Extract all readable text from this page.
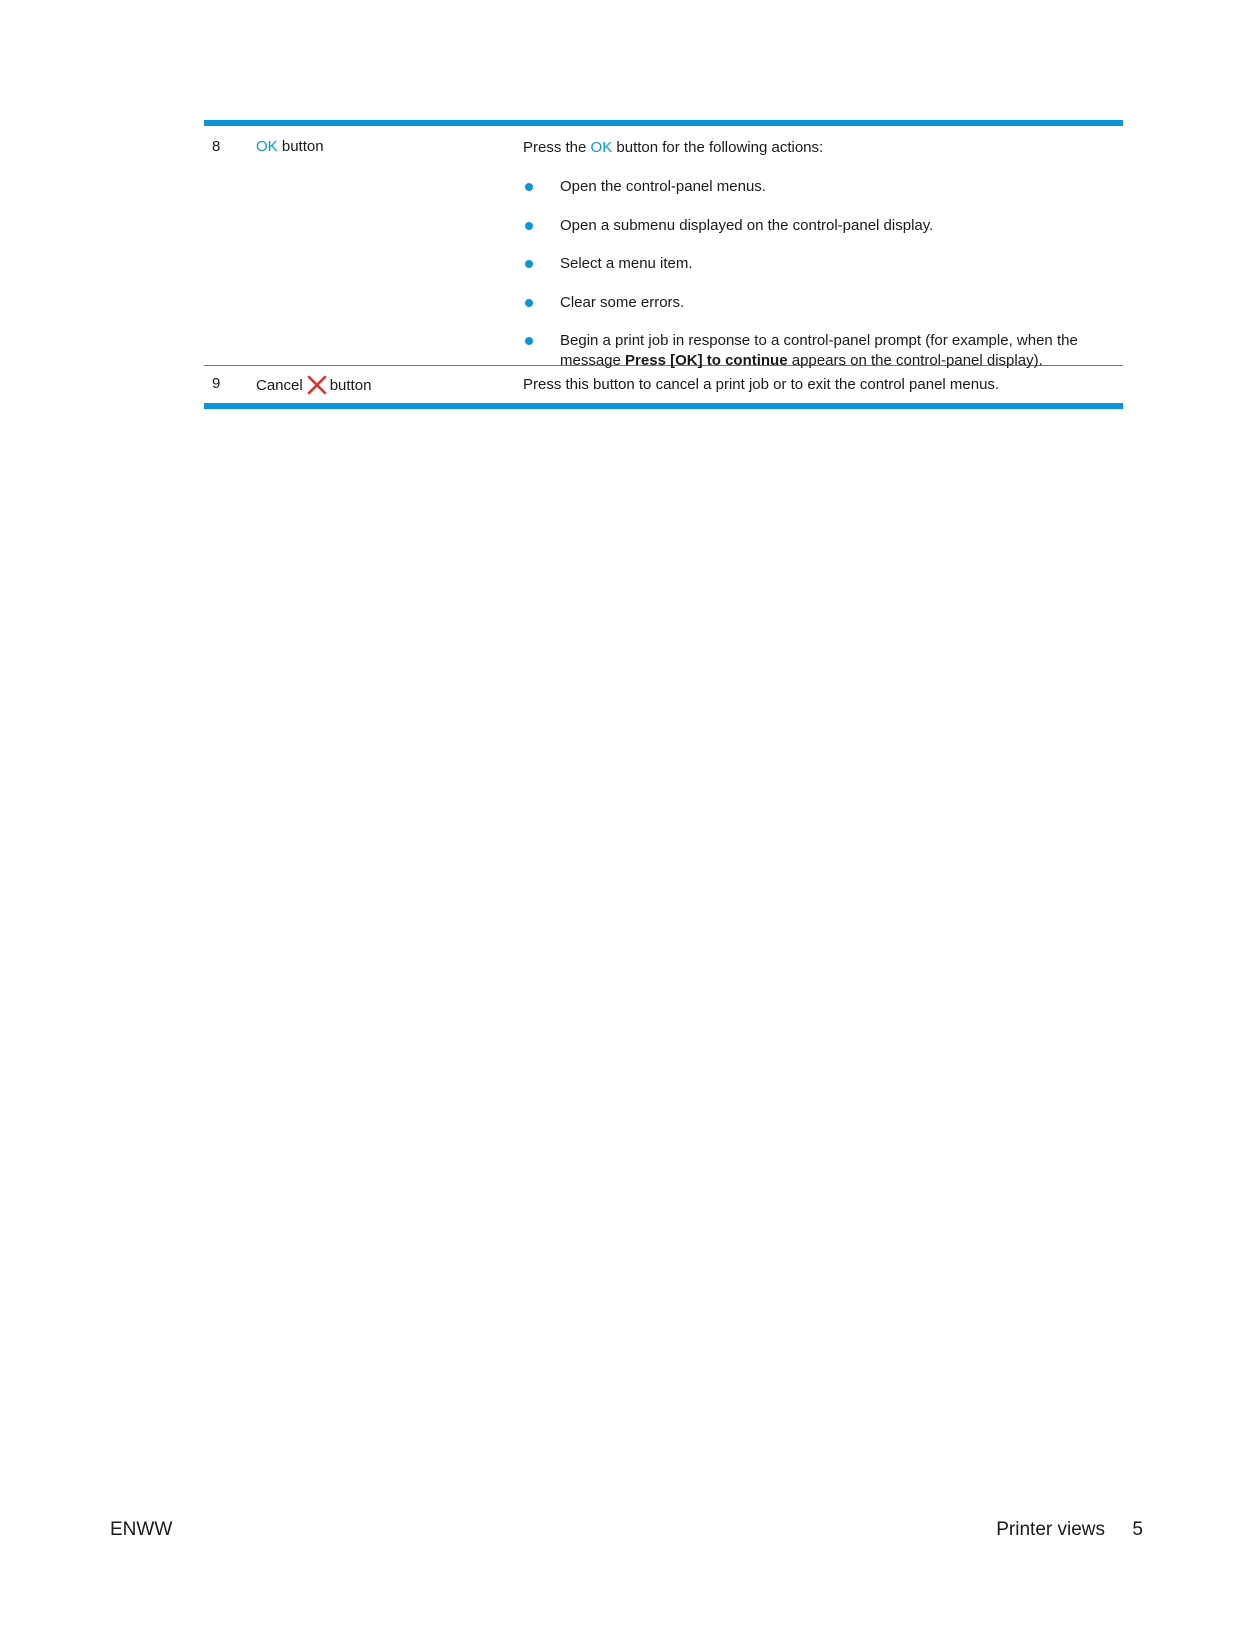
8 OK button	Press the OK button for the following actions:
Open the control-panel menus.
Open a submenu displayed on the control-panel display.
Select a menu item.
Clear some errors.
Begin a print job in response to a control-panel prompt (for example, when the message Press [OK] to continue appears on the control-panel display).
9 Cancel button	Press this button to cancel a print job or to exit the control panel menus.
ENWW	Printer views 5
